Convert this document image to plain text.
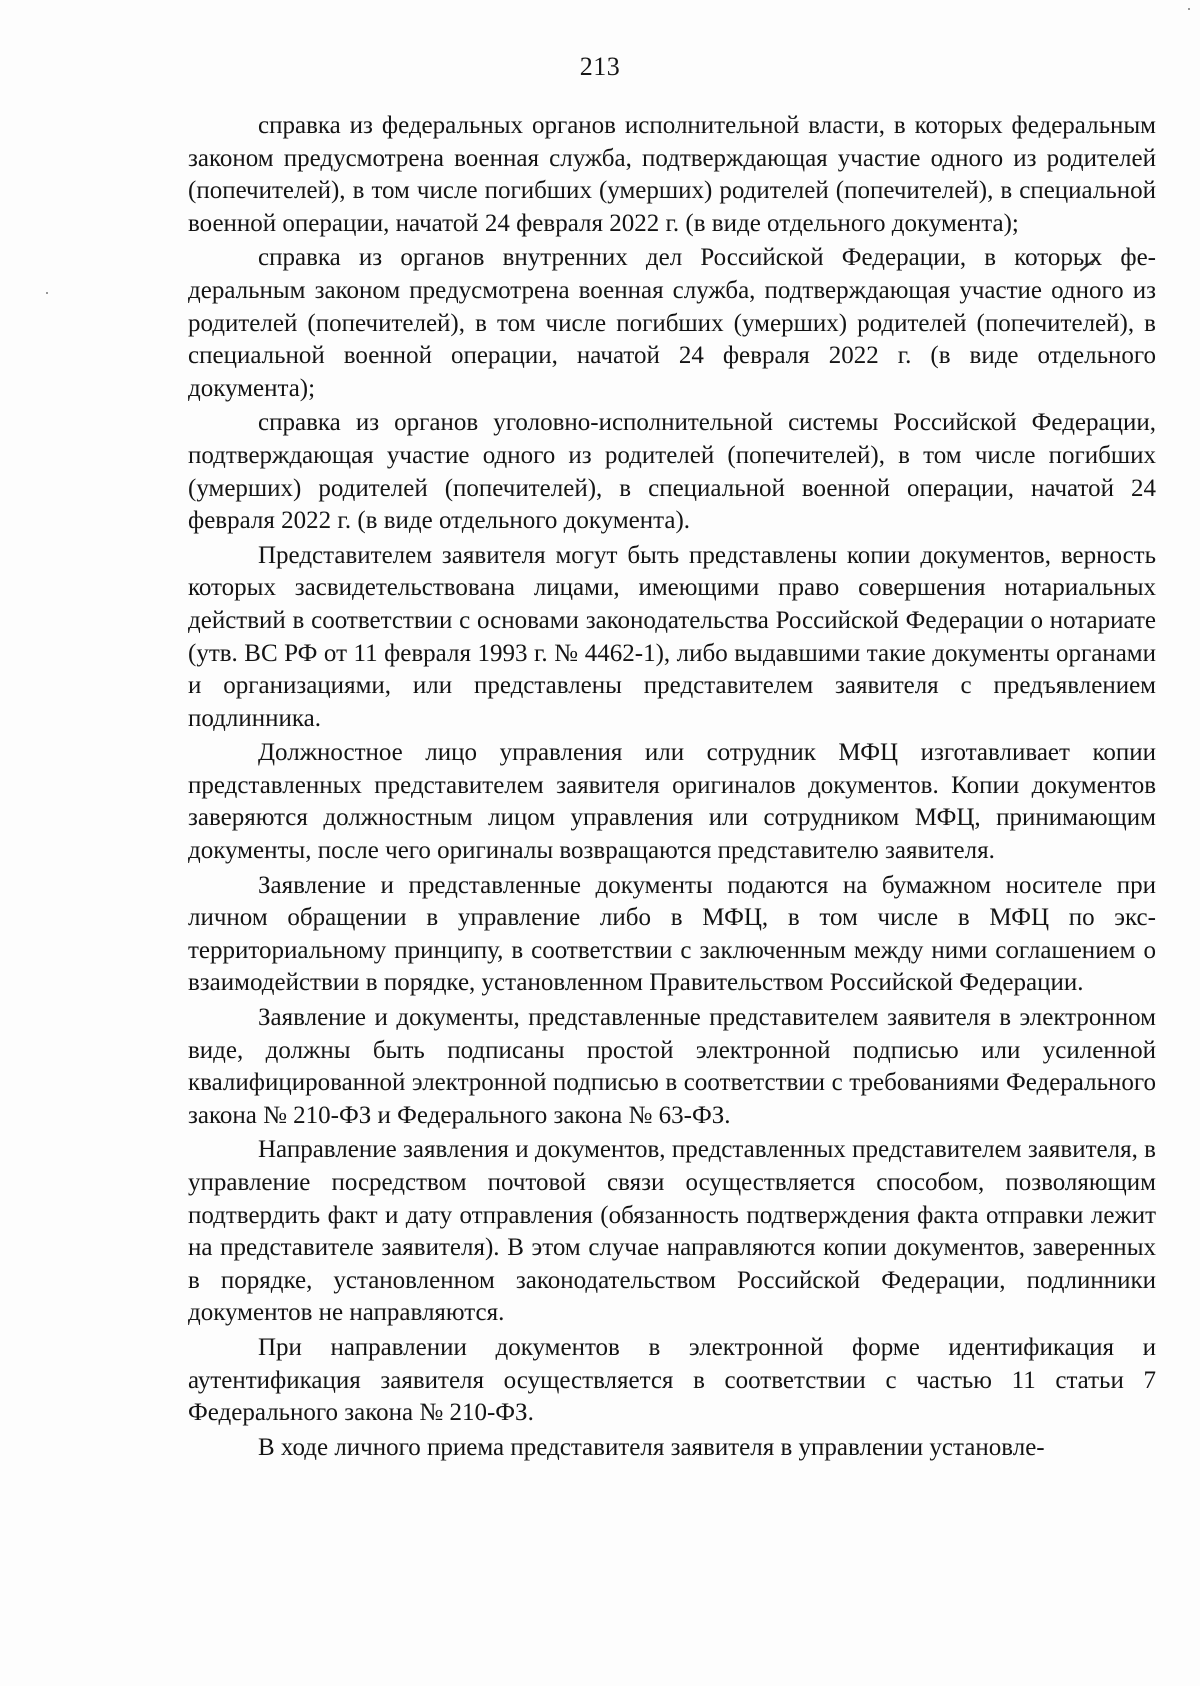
213

справка из федеральных органов исполнительной власти, в которых федеральным законом предусмотрена военная служба, подтверждающая участие одного из родителей (попечителей), в том числе погибших (умерших) родителей (попечителей), в специальной военной операции, начатой 24 февраля 2022 г. (в виде отдельного документа);

справка из органов внутренних дел Российской Федерации, в которых федеральным законом предусмотрена военная служба, подтверждающая участие одного из родителей (попечителей), в том числе погибших (умерших) родителей (попечителей), в специальной военной операции, начатой 24 февраля 2022 г. (в виде отдельного документа);

справка из органов уголовно-исполнительной системы Российской Федерации, подтверждающая участие одного из родителей (попечителей), в том числе погибших (умерших) родителей (попечителей), в специальной военной операции, начатой 24 февраля 2022 г. (в виде отдельного документа).

Представителем заявителя могут быть представлены копии документов, верность которых засвидетельствована лицами, имеющими право совершения нотариальных действий в соответствии с основами законодательства Российской Федерации о нотариате (утв. ВС РФ от 11 февраля 1993 г. № 4462-1), либо выдавшими такие документы органами и организациями, или представлены представителем заявителя с предъявлением подлинника.

Должностное лицо управления или сотрудник МФЦ изготавливает копии представленных представителем заявителя оригиналов документов. Копии документов заверяются должностным лицом управления или сотрудником МФЦ, принимающим документы, после чего оригиналы возвращаются представителю заявителя.

Заявление и представленные документы подаются на бумажном носителе при личном обращении в управление либо в МФЦ, в том числе в МФЦ по экстерриториальному принципу, в соответствии с заключенным между ними соглашением о взаимодействии в порядке, установленном Правительством Российской Федерации.

Заявление и документы, представленные представителем заявителя в электронном виде, должны быть подписаны простой электронной подписью или усиленной квалифицированной электронной подписью в соответствии с требованиями Федерального закона № 210-ФЗ и Федерального закона № 63-ФЗ.

Направление заявления и документов, представленных представителем заявителя, в управление посредством почтовой связи осуществляется способом, позволяющим подтвердить факт и дату отправления (обязанность подтверждения факта отправки лежит на представителе заявителя). В этом случае направляются копии документов, заверенных в порядке, установленном законодательством Российской Федерации, подлинники документов не направляются.

При направлении документов в электронной форме идентификация и аутентификация заявителя осуществляется в соответствии с частью 11 статьи 7 Федерального закона № 210-ФЗ.

В ходе личного приема представителя заявителя в управлении установле-
